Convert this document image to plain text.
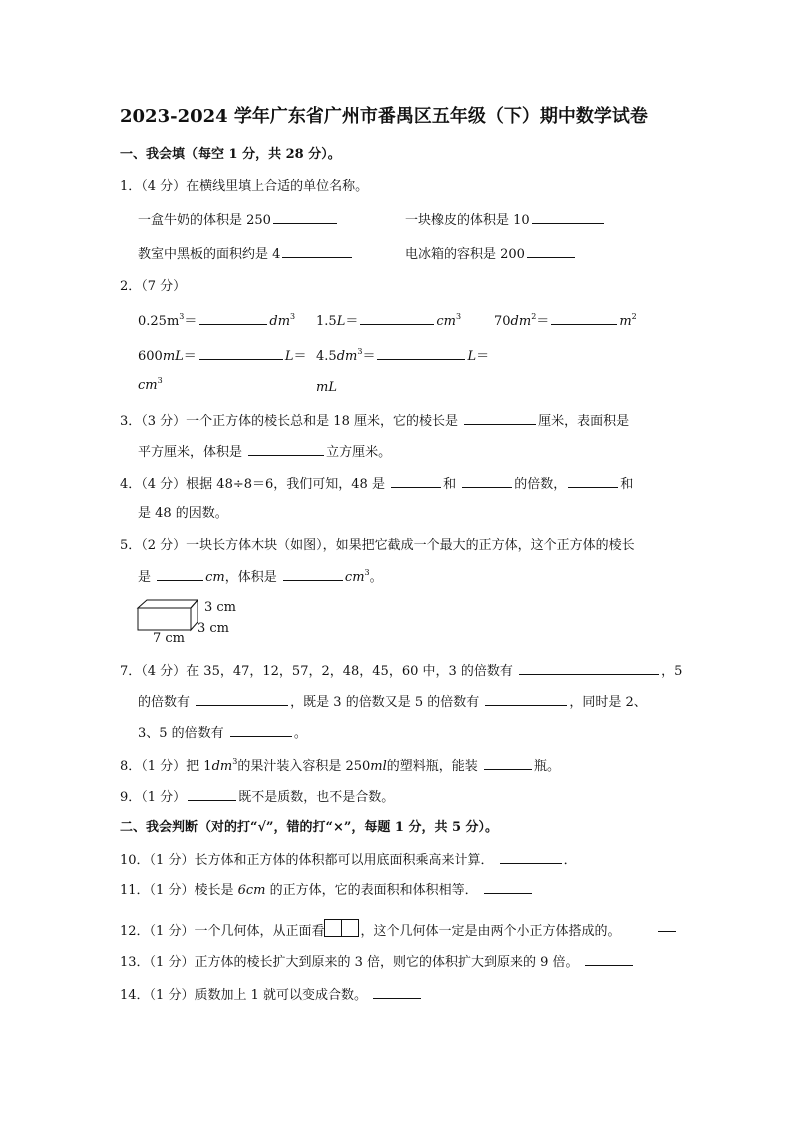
2023-2024 学年广东省广州市番禺区五年级（下）期中数学试卷
一、我会填（每空 1 分，共 28 分）。
1．（4 分）在横线里填上合适的单位名称。
一盒牛奶的体积是 250	一块橡皮的体积是 10
教室中黑板的面积约是 4	电冰箱的容积是 200
2．（7 分）
$0.25m^3=$	$dm^3$ 1.5L＝	$cm^3$	$70dm^2=$	$m^2$
600mL＝	$L= 4.5dm^3=$	L＝
$cm^3$	mL
3．（3 分）一个正方体的棱长总和是 18 厘米，它的棱长是	厘米，表面积是
平方厘米，体积是	立方厘米。
4．（4 分）根据 48÷8＝6，我们可知，48 是	和	的倍数，	和
是 48 的因数。
5．（2 分）一块长方体木块（如图），如果把它截成一个最大的正方体，这个正方体的棱长
是	cm，体积是	$cm^3$。
3 cm
3 cm
7 cm
7．（4 分）在 35，47，12，57，2，48，45，60 中，3 的倍数有	，5
的倍数有	，既是 3 的倍数又是 5 的倍数有	，同时是 2、
3、5 的倍数有	。
8．（1 分）把 $1dm^3$的果汁装入容积是 250ml的塑料瓶，能装	瓶。
9．（1 分）	既不是质数，也不是合数。
二、我会判断（对的打“√”，错的打“×”，每题 1 分，共 5 分）。
10．（1 分）长方体和正方体的体积都可以用底面积乘高来计算．	．
11．（1 分）棱长是 6cm 的正方体，它的表面积和体积相等．
12．（1 分）一个几何体，从正面看	，这个几何体一定是由两个小正方体搭成的。
13．（1 分）正方体的棱长扩大到原来的 3 倍，则它的体积扩大到原来的 9 倍。
14．（1 分）质数加上 1 就可以变成合数。
